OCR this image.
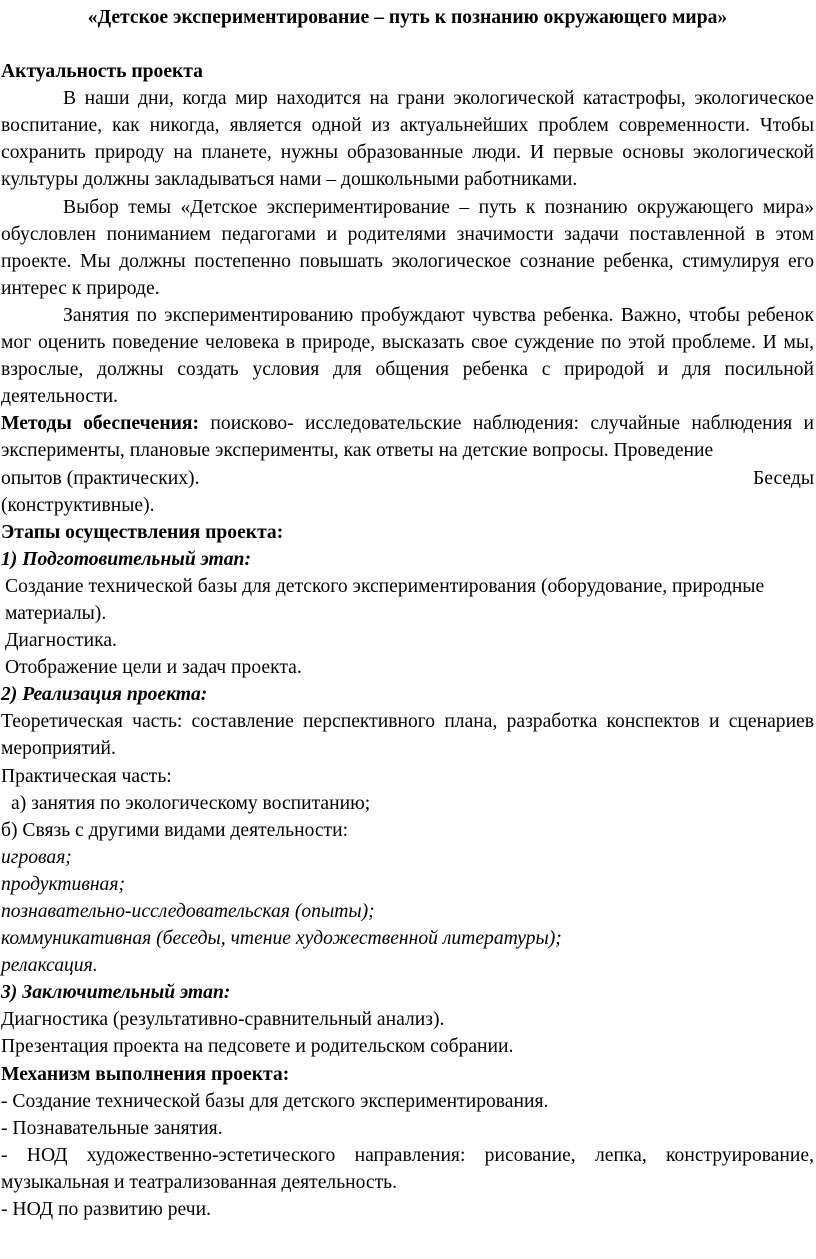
«Детское экспериментирование – путь к познанию окружающего мира»

Актуальность проекта

В наши дни, когда мир находится на грани экологической катастрофы, экологическое воспитание, как никогда, является одной из актуальнейших проблем современности. Чтобы сохранить природу на планете, нужны образованные люди. И первые основы экологической культуры должны закладываться нами – дошкольными работниками.

Выбор темы «Детское экспериментирование – путь к познанию окружающего мира» обусловлен пониманием педагогами и родителями значимости задачи поставленной в этом проекте. Мы должны постепенно повышать экологическое сознание ребенка, стимулируя его интерес к природе.

Занятия по экспериментированию пробуждают чувства ребенка. Важно, чтобы ребенок мог оценить поведение человека в природе, высказать свое суждение по этой проблеме. И мы, взрослые, должны создать условия для общения ребенка с природой и для посильной деятельности.

Методы обеспечения: поисково- исследовательские наблюдения: случайные наблюдения и эксперименты, плановые эксперименты, как ответы на детские вопросы. Проведение

опытов (практических).	Беседы

(конструктивные).

Этапы осуществления проекта:

1) Подготовительный этап:

Создание технической базы для детского экспериментирования (оборудование, природные материалы).

Диагностика.

Отображение цели и задач проекта.

2) Реализация проекта:

Теоретическая часть: составление перспективного плана, разработка конспектов и сценариев мероприятий.

Практическая часть:

а) занятия по экологическому воспитанию;

б) Связь с другими видами деятельности:

игровая;

продуктивная;

познавательно-исследовательская (опыты);

коммуникативная (беседы, чтение художественной литературы);

релаксация.

3) Заключительный этап:

Диагностика (результативно-сравнительный анализ).

Презентация проекта на педсовете и родительском собрании.

Механизм выполнения проекта:

- Создание технической базы для детского экспериментирования.

- Познавательные занятия.

- НОД художественно-эстетического направления: рисование, лепка, конструирование, музыкальная и театрализованная деятельность.

- НОД по развитию речи.
